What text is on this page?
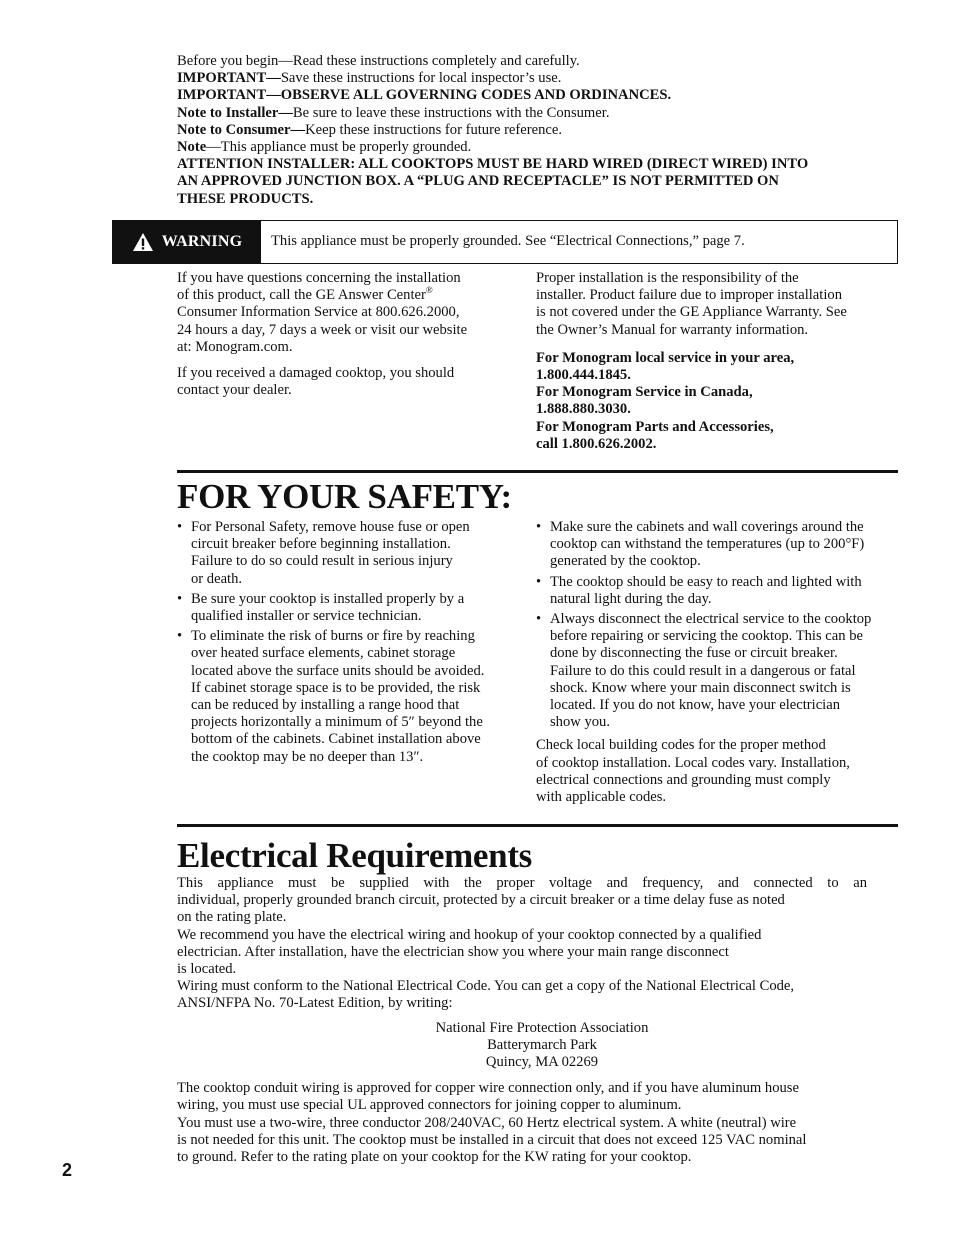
Before you begin—Read these instructions completely and carefully.

IMPORTANT—Save these instructions for local inspector’s use.

IMPORTANT—OBSERVE ALL GOVERNING CODES AND ORDINANCES.

Note to Installer—Be sure to leave these instructions with the Consumer.

Note to Consumer—Keep these instructions for future reference.

Note—This appliance must be properly grounded.

ATTENTION INSTALLER: ALL COOKTOPS MUST BE HARD WIRED (DIRECT WIRED) INTO

AN APPROVED JUNCTION BOX. A “PLUG AND RECEPTACLE” IS NOT PERMITTED ON

THESE PRODUCTS.

WARNING This appliance must be properly grounded. See “Electrical Connections,” page 7.

If you have questions concerning the installation
of this product, call the GE Answer Center®
Consumer Information Service at 800.626.2000,
24 hours a day, 7 days a week or visit our website
at: Monogram.com.

If you received a damaged cooktop, you should
contact your dealer.

Proper installation is the responsibility of the
installer. Product failure due to improper installation
is not covered under the GE Appliance Warranty. See
the Owner’s Manual for warranty information.

For Monogram local service in your area,
1.800.444.1845.
For Monogram Service in Canada,
1.888.880.3030.
For Monogram Parts and Accessories,
call 1.800.626.2002.

FOR YOUR SAFETY:
• For Personal Safety, remove house fuse or open
circuit breaker before beginning installation.
Failure to do so could result in serious injury
or death.
• Be sure your cooktop is installed properly by a
qualified installer or service technician.
• To eliminate the risk of burns or fire by reaching
over heated surface elements, cabinet storage
located above the surface units should be avoided.
If cabinet storage space is to be provided, the risk
can be reduced by installing a range hood that
projects horizontally a minimum of 5″ beyond the
bottom of the cabinets. Cabinet installation above
the cooktop may be no deeper than 13″.
• Make sure the cabinets and wall coverings around the
cooktop can withstand the temperatures (up to 200°F)
generated by the cooktop.
• The cooktop should be easy to reach and lighted with
natural light during the day.
• Always disconnect the electrical service to the cooktop
before repairing or servicing the cooktop. This can be
done by disconnecting the fuse or circuit breaker.
Failure to do this could result in a dangerous or fatal
shock. Know where your main disconnect switch is
located. If you do not know, have your electrician
show you.

Check local building codes for the proper method
of cooktop installation. Local codes vary. Installation,
electrical connections and grounding must comply
with applicable codes.

Electrical Requirements

This appliance must be supplied with the proper voltage and frequency, and connected to an
individual, properly grounded branch circuit, protected by a circuit breaker or a time delay fuse as noted
on the rating plate.

We recommend you have the electrical wiring and hookup of your cooktop connected by a qualified
electrician. After installation, have the electrician show you where your main range disconnect
is located.

Wiring must conform to the National Electrical Code. You can get a copy of the National Electrical Code,
ANSI/NFPA No. 70-Latest Edition, by writing:

National Fire Protection Association
Batterymarch Park
Quincy, MA 02269

The cooktop conduit wiring is approved for copper wire connection only, and if you have aluminum house
wiring, you must use special UL approved connectors for joining copper to aluminum.

You must use a two-wire, three conductor 208/240VAC, 60 Hertz electrical system. A white (neutral) wire
is not needed for this unit. The cooktop must be installed in a circuit that does not exceed 125 VAC nominal
to ground. Refer to the rating plate on your cooktop for the KW rating for your cooktop.

2
